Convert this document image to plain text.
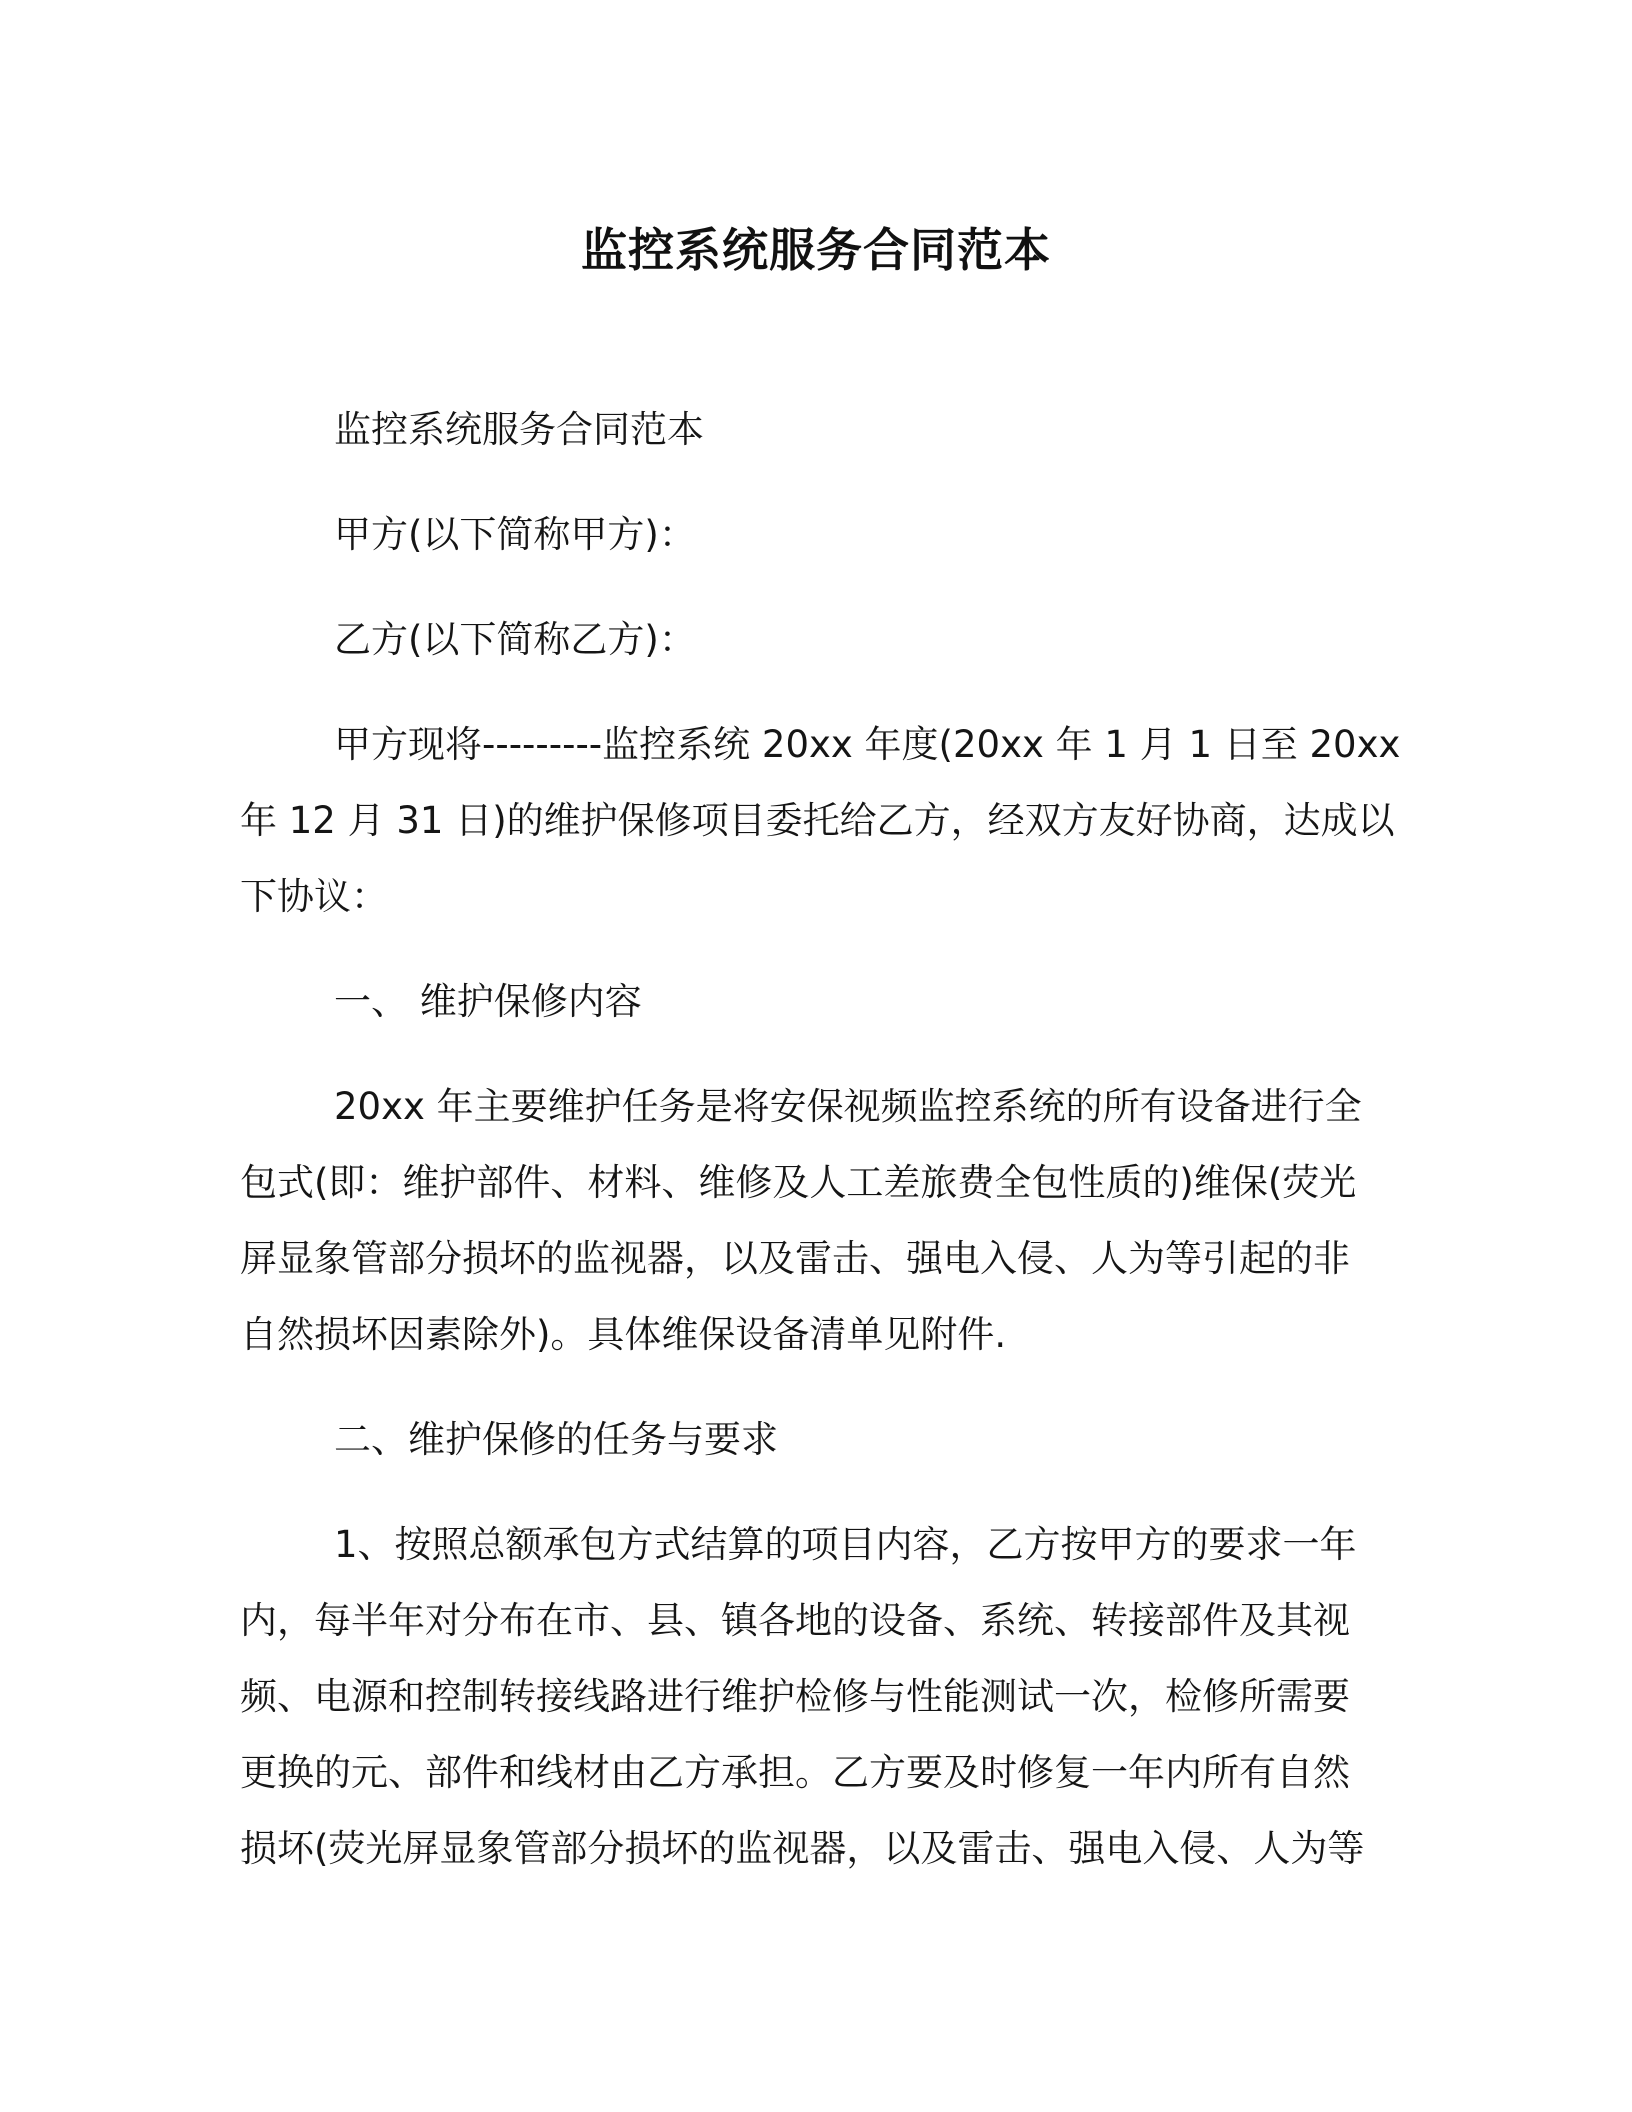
监控系统服务合同范本

监控系统服务合同范本

甲方(以下简称甲方)：

乙方(以下简称乙方)：

甲方现将---------监控系统 20xx 年度(20xx 年 1 月 1 日至 20xx

年 12 月 31 日)的维护保修项目委托给乙方，经双方友好协商，达成以

下协议：

一、 维护保修内容

20xx 年主要维护任务是将安保视频监控系统的所有设备进行全

包式(即：维护部件、材料、维修及人工差旅费全包性质的)维保(荧光

屏显象管部分损坏的监视器，以及雷击、强电入侵、人为等引起的非

自然损坏因素除外)。具体维保设备清单见附件.

二、维护保修的任务与要求

1、按照总额承包方式结算的项目内容，乙方按甲方的要求一年

内，每半年对分布在市、县、镇各地的设备、系统、转接部件及其视

频、电源和控制转接线路进行维护检修与性能测试一次，检修所需要

更换的元、部件和线材由乙方承担。乙方要及时修复一年内所有自然

损坏(荧光屏显象管部分损坏的监视器，以及雷击、强电入侵、人为等
